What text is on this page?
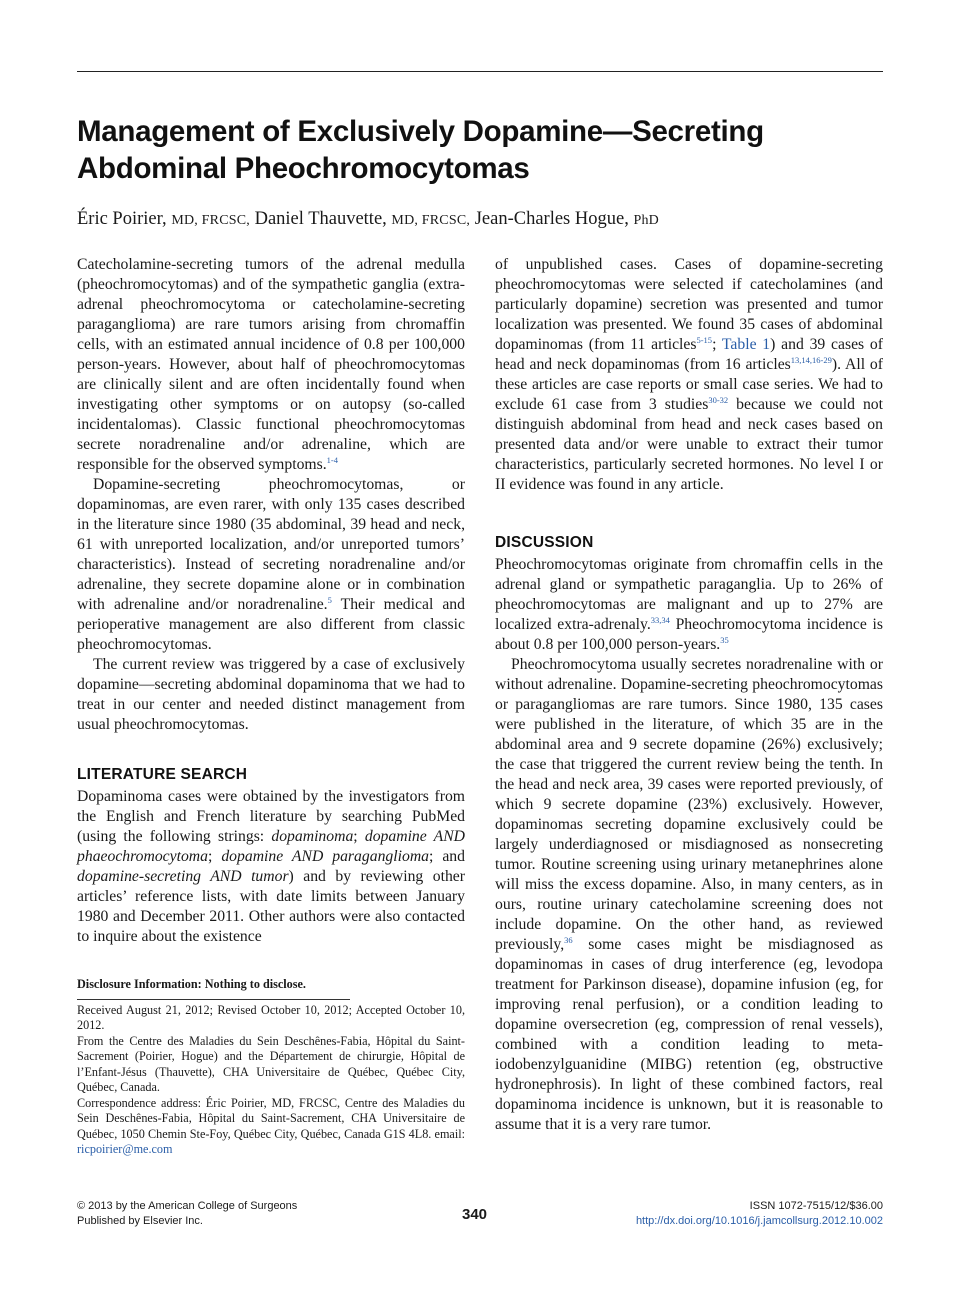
Management of Exclusively Dopamine—Secreting
Abdominal Pheochromocytomas
Éric Poirier, MD, FRCSC, Daniel Thauvette, MD, FRCSC, Jean-Charles Hogue, PhD

Catecholamine-secreting tumors of the adrenal medulla (pheochromocytomas) and of the sympathetic ganglia (extra-adrenal pheochromocytoma or catecholamine-secreting paraganglioma) are rare tumors arising from chromaffin cells, with an estimated annual incidence of 0.8 per 100,000 person-years. However, about half of pheochromocytomas are clinically silent and are often incidentally found when investigating other symptoms or on autopsy (so-called incidentalomas). Classic functional pheochromocytomas secrete noradrenaline and/or adrenaline, which are responsible for the observed symptoms.$^{1-4}$

Dopamine-secreting pheochromocytomas, or dopaminomas, are even rarer, with only 135 cases described in the literature since 1980 (35 abdominal, 39 head and neck, 61 with unreported localization, and/or unreported tumors’ characteristics). Instead of secreting noradrenaline and/or adrenaline, they secrete dopamine alone or in combination with adrenaline and/or noradrenaline.$^5$ Their medical and perioperative management are also different from classic pheochromocytomas.

The current review was triggered by a case of exclusively dopamine—secreting abdominal dopaminoma that we had to treat in our center and needed distinct management from usual pheochromocytomas.

LITERATURE SEARCH

Dopaminoma cases were obtained by the investigators from the English and French literature by searching PubMed (using the following strings: dopaminoma; dopamine AND phaeochromocytoma; dopamine AND paraganglioma; and dopamine-secreting AND tumor) and by reviewing other articles’ reference lists, with date limits between January 1980 and December 2011. Other authors were also contacted to inquire about the existence

Disclosure Information: Nothing to disclose.

Received August 21, 2012; Revised October 10, 2012; Accepted October 10, 2012.

From the Centre des Maladies du Sein Deschênes-Fabia, Hôpital du Saint-Sacrement (Poirier, Hogue) and the Département de chirurgie, Hôpital de l’Enfant-Jésus (Thauvette), CHA Universitaire de Québec, Québec City, Québec, Canada.

Correspondence address: Éric Poirier, MD, FRCSC, Centre des Maladies du Sein Deschênes-Fabia, Hôpital du Saint-Sacrement, CHA Universitaire de Québec, 1050 Chemin Ste-Foy, Québec City, Québec, Canada G1S 4L8. email: ricpoirier@me.com

of unpublished cases. Cases of dopamine-secreting pheochromocytomas were selected if catecholamines (and particularly dopamine) secretion was presented and tumor localization was presented. We found 35 cases of abdominal dopaminomas (from 11 articles$^{5-15}$; Table 1) and 39 cases of head and neck dopaminomas (from 16 articles$^{13,14,16-29}$). All of these articles are case reports or small case series. We had to exclude 61 case from 3 studies$^{30-32}$ because we could not distinguish abdominal from head and neck cases based on presented data and/or were unable to extract their tumor characteristics, particularly secreted hormones. No level I or II evidence was found in any article.

DISCUSSION

Pheochromocytomas originate from chromaffin cells in the adrenal gland or sympathetic paraganglia. Up to 26% of pheochromocytomas are malignant and up to 27% are localized extra-adrenaly.$^{33,34}$ Pheochromocytoma incidence is about 0.8 per 100,000 person-years.$^{35}$

Pheochromocytoma usually secretes noradrenaline with or without adrenaline. Dopamine-secreting pheochromocytomas or paragangliomas are rare tumors. Since 1980, 135 cases were published in the literature, of which 35 are in the abdominal area and 9 secrete dopamine (26%) exclusively; the case that triggered the current review being the tenth. In the head and neck area, 39 cases were reported previously, of which 9 secrete dopamine (23%) exclusively. However, dopaminomas secreting dopamine exclusively could be largely underdiagnosed or misdiagnosed as nonsecreting tumor. Routine screening using urinary metanephrines alone will miss the excess dopamine. Also, in many centers, as in ours, routine urinary catecholamine screening does not include dopamine. On the other hand, as reviewed previously,$^{36}$ some cases might be misdiagnosed as dopaminomas in cases of drug interference (eg, levodopa treatment for Parkinson disease), dopamine infusion (eg, for improving renal perfusion), or a condition leading to dopamine oversecretion (eg, compression of renal vessels), combined with a condition leading to meta-iodobenzylguanidine (MIBG) retention (eg, obstructive hydronephrosis). In light of these combined factors, real dopaminoma incidence is unknown, but it is reasonable to assume that it is a very rare tumor.

© 2013 by the American College of Surgeons
Published by Elsevier Inc.	340	ISSN 1072-7515/12/$36.00
http://dx.doi.org/10.1016/j.jamcollsurg.2012.10.002
